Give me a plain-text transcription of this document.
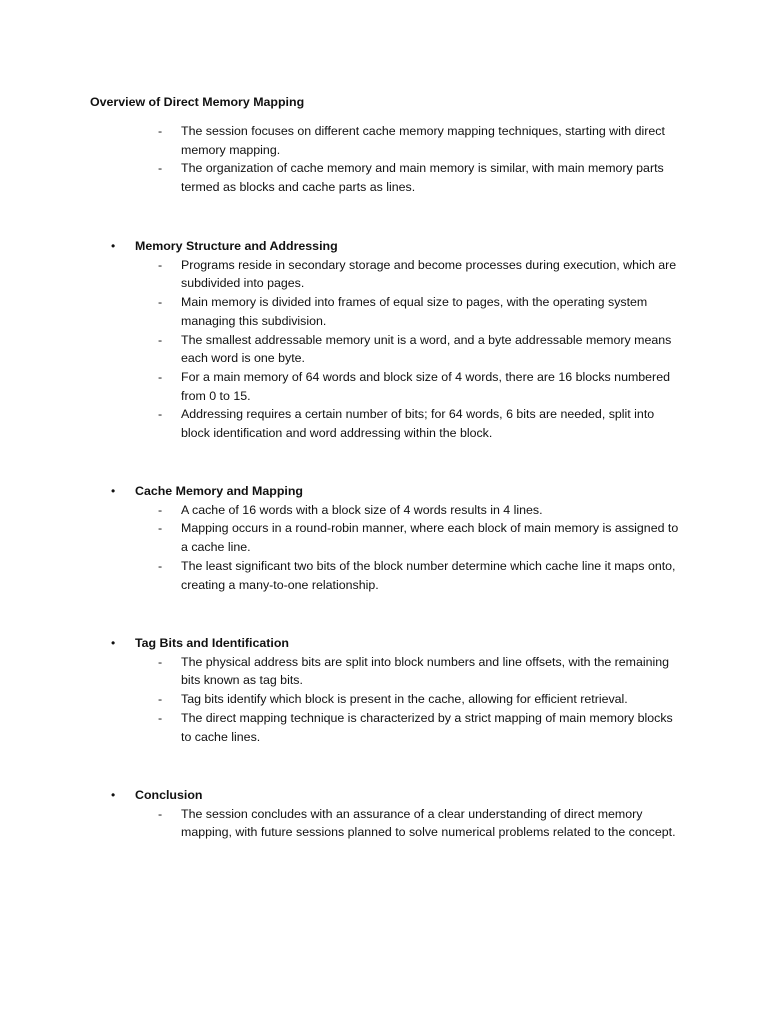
Overview of Direct Memory Mapping
- The session focuses on different cache memory mapping techniques, starting with direct memory mapping.
- The organization of cache memory and main memory is similar, with main memory parts termed as blocks and cache parts as lines.
• Memory Structure and Addressing
- Programs reside in secondary storage and become processes during execution, which are subdivided into pages.
- Main memory is divided into frames of equal size to pages, with the operating system managing this subdivision.
- The smallest addressable memory unit is a word, and a byte addressable memory means each word is one byte.
- For a main memory of 64 words and block size of 4 words, there are 16 blocks numbered from 0 to 15.
- Addressing requires a certain number of bits; for 64 words, 6 bits are needed, split into block identification and word addressing within the block.
• Cache Memory and Mapping
- A cache of 16 words with a block size of 4 words results in 4 lines.
- Mapping occurs in a round-robin manner, where each block of main memory is assigned to a cache line.
- The least significant two bits of the block number determine which cache line it maps onto, creating a many-to-one relationship.
• Tag Bits and Identification
- The physical address bits are split into block numbers and line offsets, with the remaining bits known as tag bits.
- Tag bits identify which block is present in the cache, allowing for efficient retrieval.
- The direct mapping technique is characterized by a strict mapping of main memory blocks to cache lines.
• Conclusion
- The session concludes with an assurance of a clear understanding of direct memory mapping, with future sessions planned to solve numerical problems related to the concept.
